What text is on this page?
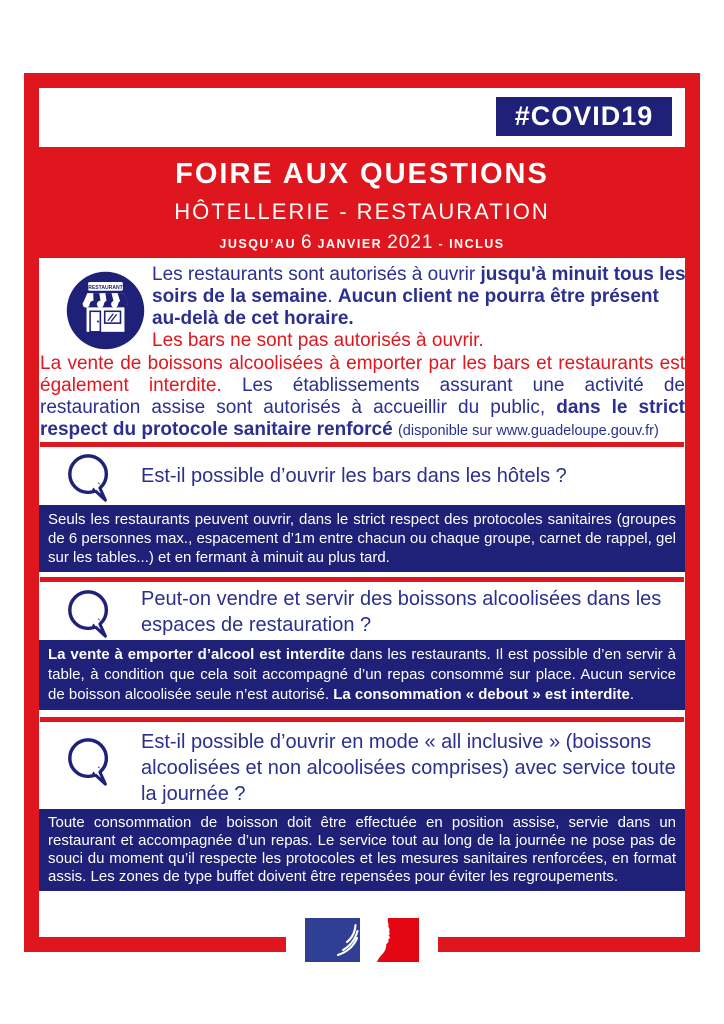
#COVID19
FOIRE AUX QUESTIONS
HÔTELLERIE - RESTAURATION
JUSQU’AU 6 JANVIER 2021 - INCLUS
RESTAURANT
Les restaurants sont autorisés à ouvrir jusqu'à minuit tous les soirs de la semaine. Aucun client ne pourra être présent au-delà de cet horaire.
Les bars ne sont pas autorisés à ouvrir.
La vente de boissons alcoolisées à emporter par les bars et restaurants est également interdite. Les établissements assurant une activité de restauration assise sont autorisés à accueillir du public, dans le strict respect du protocole sanitaire renforcé (disponible sur www.guadeloupe.gouv.fr)
Est-il possible d’ouvrir les bars dans les hôtels ?
Seuls les restaurants peuvent ouvrir, dans le strict respect des protocoles sanitaires (groupes de 6 personnes max., espacement d’1m entre chacun ou chaque groupe, carnet de rappel, gel sur les tables...) et en fermant à minuit au plus tard.
Peut-on vendre et servir des boissons alcoolisées dans les espaces de restauration ?
La vente à emporter d’alcool est interdite dans les restaurants. Il est possible d’en servir à table, à condition que cela soit accompagné d’un repas consommé sur place. Aucun service de boisson alcoolisée seule n’est autorisé. La consommation « debout » est interdite.
Est-il possible d’ouvrir en mode « all inclusive » (boissons alcoolisées et non alcoolisées comprises) avec service toute la journée ?
Toute consommation de boisson doit être effectuée en position assise, servie dans un restaurant et accompagnée d’un repas. Le service tout au long de la journée ne pose pas de souci du moment qu’il respecte les protocoles et les mesures sanitaires renforcées, en format assis. Les zones de type buffet doivent être repensées pour éviter les regroupements.
